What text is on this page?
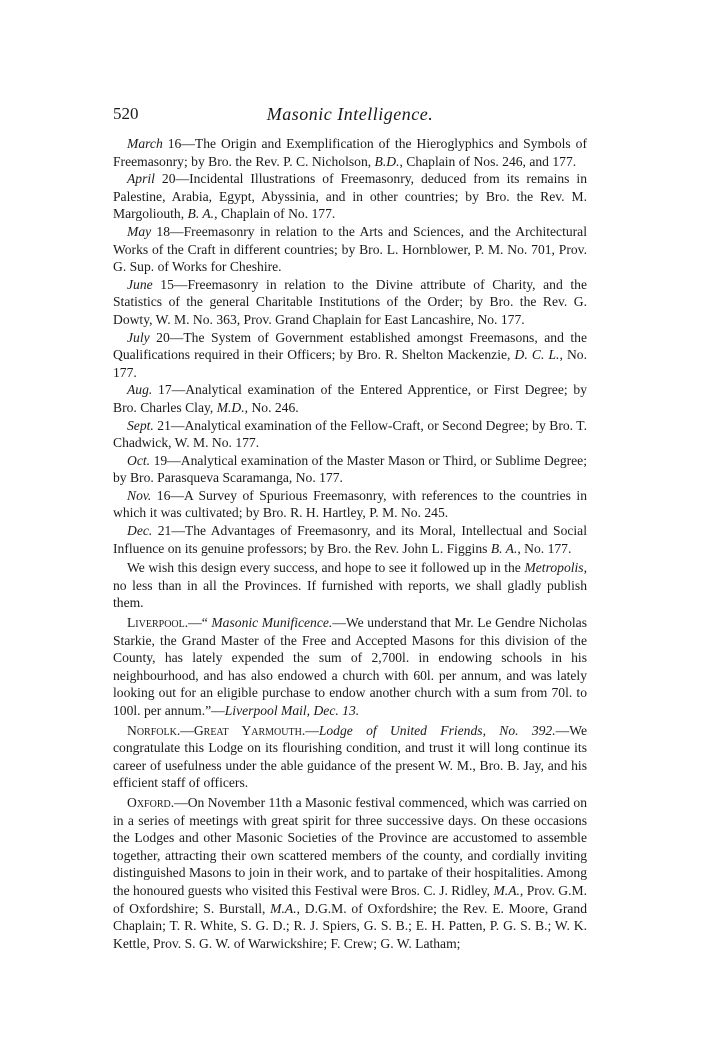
520	Masonic Intelligence.

March 16—The Origin and Exemplification of the Hieroglyphics and Symbols of Freemasonry; by Bro. the Rev. P. C. Nicholson, B.D., Chaplain of Nos. 246, and 177.

April 20—Incidental Illustrations of Freemasonry, deduced from its remains in Palestine, Arabia, Egypt, Abyssinia, and in other countries; by Bro. the Rev. M. Margoliouth, B. A., Chaplain of No. 177.

May 18—Freemasonry in relation to the Arts and Sciences, and the Architectural Works of the Craft in different countries; by Bro. L. Hornblower, P. M. No. 701, Prov. G. Sup. of Works for Cheshire.

June 15—Freemasonry in relation to the Divine attribute of Charity, and the Statistics of the general Charitable Institutions of the Order; by Bro. the Rev. G. Dowty, W. M. No. 363, Prov. Grand Chaplain for East Lancashire, No. 177.

July 20—The System of Government established amongst Freemasons, and the Qualifications required in their Officers; by Bro. R. Shelton Mackenzie, D. C. L., No. 177.

Aug. 17—Analytical examination of the Entered Apprentice, or First Degree; by Bro. Charles Clay, M.D., No. 246.

Sept. 21—Analytical examination of the Fellow-Craft, or Second Degree; by Bro. T. Chadwick, W. M. No. 177.

Oct. 19—Analytical examination of the Master Mason or Third, or Sublime Degree; by Bro. Parasqueva Scaramanga, No. 177.

Nov. 16—A Survey of Spurious Freemasonry, with references to the countries in which it was cultivated; by Bro. R. H. Hartley, P. M. No. 245.

Dec. 21—The Advantages of Freemasonry, and its Moral, Intellectual and Social Influence on its genuine professors; by Bro. the Rev. John L. Figgins B. A., No. 177.

We wish this design every success, and hope to see it followed up in the Metropolis, no less than in all the Provinces. If furnished with reports, we shall gladly publish them.

Liverpool.—“ Masonic Munificence.—We understand that Mr. Le Gendre Nicholas Starkie, the Grand Master of the Free and Accepted Masons for this division of the County, has lately expended the sum of 2,700l. in endowing schools in his neighbourhood, and has also endowed a church with 60l. per annum, and was lately looking out for an eligible purchase to endow another church with a sum from 70l. to 100l. per annum.”—Liverpool Mail, Dec. 13.

Norfolk.—Great Yarmouth.—Lodge of United Friends, No. 392.—We congratulate this Lodge on its flourishing condition, and trust it will long continue its career of usefulness under the able guidance of the present W. M., Bro. B. Jay, and his efficient staff of officers.

Oxford.—On November 11th a Masonic festival commenced, which was carried on in a series of meetings with great spirit for three successive days. On these occasions the Lodges and other Masonic Societies of the Province are accustomed to assemble together, attracting their own scattered members of the county, and cordially inviting distinguished Masons to join in their work, and to partake of their hospitalities. Among the honoured guests who visited this Festival were Bros. C. J. Ridley, M.A., Prov. G.M. of Oxfordshire; S. Burstall, M.A., D.G.M. of Oxfordshire; the Rev. E. Moore, Grand Chaplain; T. R. White, S. G. D.; R. J. Spiers, G. S. B.; E. H. Patten, P. G. S. B.; W. K. Kettle, Prov. S. G. W. of Warwickshire; F. Crew; G. W. Latham;
